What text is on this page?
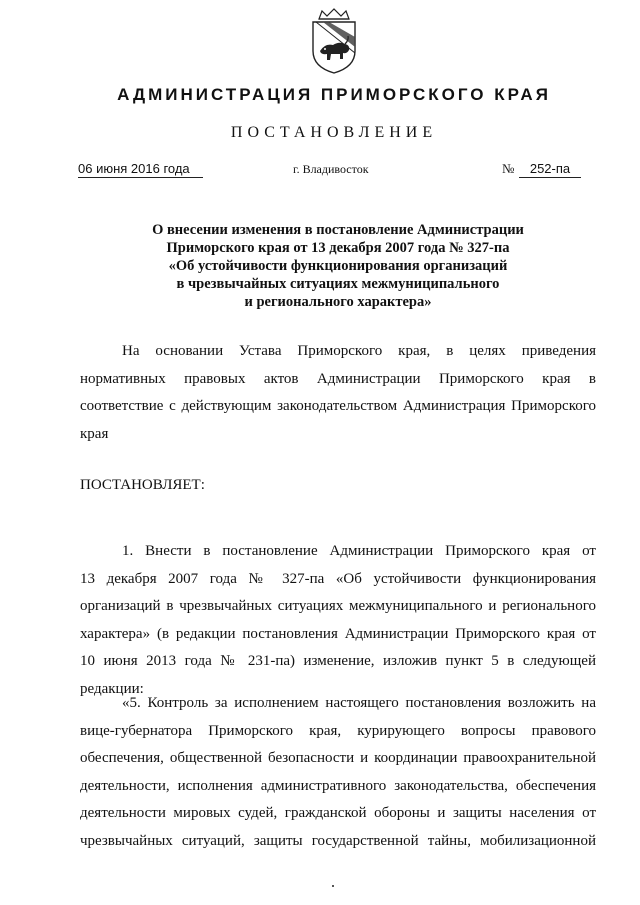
АДМИНИСТРАЦИЯ ПРИМОРСКОГО КРАЯ
ПОСТАНОВЛЕНИЕ
06 июня 2016 года	г. Владивосток	№	252-па
О внесении изменения в постановление Администрации
Приморского края от 13 декабря 2007 года № 327-па
«Об устойчивости функционирования организаций
в чрезвычайных ситуациях межмуниципального
и регионального характера»
На основании Устава Приморского края, в целях приведения
нормативных правовых актов Администрации Приморского края в
соответствие с действующим законодательством Администрация Приморского
края
ПОСТАНОВЛЯЕТ:
1. Внести в постановление Администрации Приморского края от
13 декабря 2007 года № 327-па «Об устойчивости функционирования
организаций в чрезвычайных ситуациях межмуниципального и регионального
характера» (в редакции постановления Администрации Приморского края от
10 июня 2013 года № 231-па) изменение, изложив пункт 5 в следующей
редакции:
«5. Контроль за исполнением настоящего постановления возложить на
вице-губернатора Приморского края, курирующего вопросы правового
обеспечения, общественной безопасности и координации правоохранительной
деятельности, исполнения административного законодательства, обеспечения
деятельности мировых судей, гражданской обороны и защиты населения от
чрезвычайных ситуаций, защиты государственной тайны, мобилизационной
